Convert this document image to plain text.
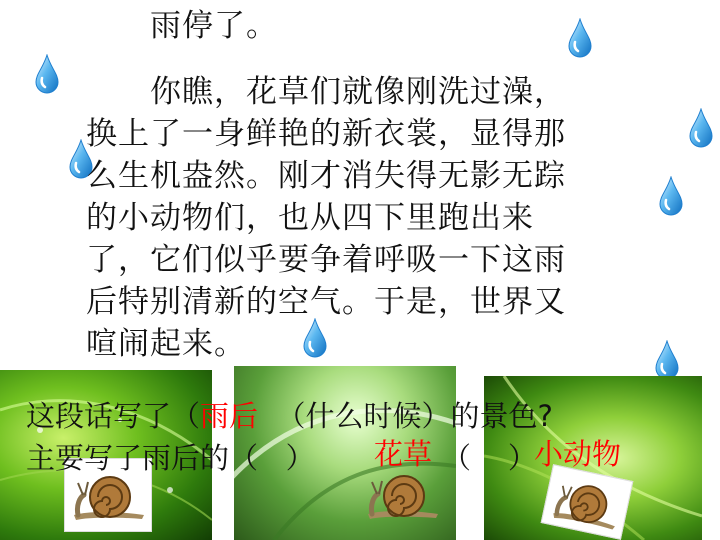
雨停了。
你瞧，花草们就像刚洗过澡，
换上了一身鲜艳的新衣裳，显得那
么生机盎然。刚才消失得无影无踪
的小动物们，也从四下里跑出来
了，它们似乎要争着呼吸一下这雨
后特别清新的空气。于是，世界又
喧闹起来。
这段话写了（雨后 （什么时候）的景色?
主要写了雨后的（ ） 花草 （ ）
小动物
